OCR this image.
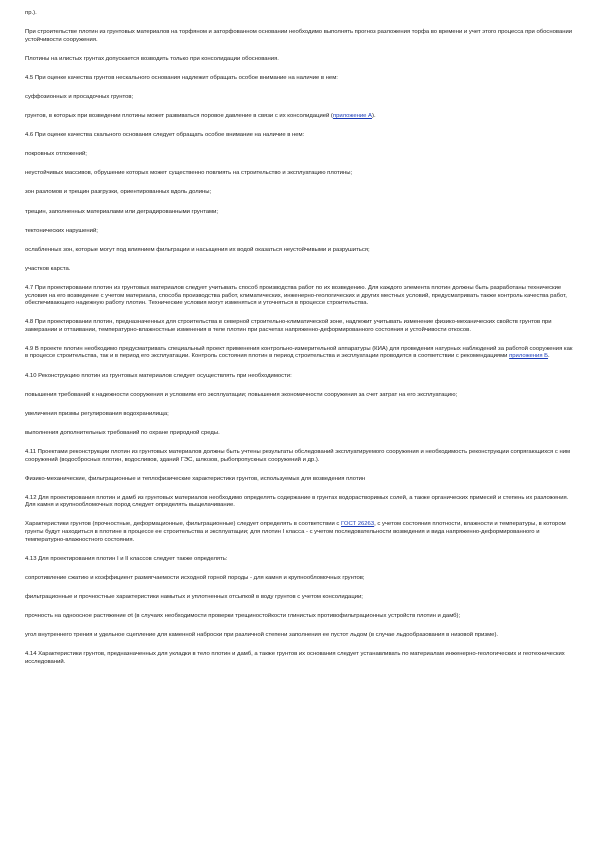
пр.).

При строительстве плотин из грунтовых материалов на торфяном и заторфованном основании необходимо выполнять прогноз разложения торфа во времени и учет этого процесса при обосновании устойчивости сооружения.

Плотины на илистых грунтах допускается возводить только при консолидации обоснования.

4.5 При оценке качества грунтов нескального основания надлежит обращать особое внимание на наличие в нем:

суффозионных и просадочных грунтов;

грунтов, в которых при возведении плотины может развиваться поровое давление в связи с их консолидацией (приложение А).

4.6 При оценке качества скального основания следует обращать особое внимание на наличие в нем:

покровных отложений;

неустойчивых массивов, обрушение которых может существенно повлиять на строительство и эксплуатацию плотины;

зон разломов и трещин разгрузки, ориентированных вдоль долины;

трещин, заполненных материалами или деградированными грунтами;

тектонических нарушений;

ослабленных зон, которые могут под влиянием фильтрации и насыщения их водой оказаться неустойчивыми и разрушиться;

участков карста.

4.7 При проектировании плотин из грунтовых материалов следует учитывать способ производства работ по их возведению. Для каждого элемента плотин должны быть разработаны технические условия на его возведение с учетом материала, способа производства работ, климатических, инженерно-геологических и других местных условий, предусматривать также контроль качества работ, обеспечивающего надежную работу плотин. Технические условия могут изменяться и уточняться в процессе строительства.

4.8 При проектировании плотин, предназначенных для строительства в северной строительно-климатической зоне, надлежит учитывать изменение физико-механических свойств грунтов при замерзании и оттаивании, температурно-влажностные изменения в теле плотин при расчетах напряженно-деформированного состояния и устойчивости откосов.

4.9 В проекте плотин необходимо предусматривать специальный проект применения контрольно-измерительной аппаратуры (КИА) для проведения натурных наблюдений за работой сооружения как в процессе строительства, так и в период его эксплуатации. Контроль состояния плотин в период строительства и эксплуатации проводится в соответствии с рекомендациями приложения Б.

4.10 Реконструкцию плотин из грунтовых материалов следует осуществлять при необходимости:

повышения требований к надежности сооружения и условиям его эксплуатации; повышения экономичности сооружения за счет затрат на его эксплуатацию;

увеличения призмы регулирования водохранилища;

выполнения дополнительных требований по охране природной среды.

4.11 Проектами реконструкции плотин из грунтовых материалов должны быть учтены результаты обследований эксплуатируемого сооружения и необходимость реконструкции сопрягающихся с ним сооружений (водосбросных плотин, водосливов, зданий ГЭС, шлюзов, рыбопропускных сооружений и др.).

Физико-механические, фильтрационные и теплофизические характеристики грунтов, используемых для возведения плотин

4.12 Для проектирования плотин и дамб из грунтовых материалов необходимо определять содержание в грунтах водорастворимых солей, а также органических примесей и степень их разложения. Для камня и крупнообломочных пород следует определять выщелачивание.

Характеристики грунтов (прочностные, деформационные, фильтрационные) следует определять в соответствии с ГОСТ 26263, с учетом состояния плотности, влажности и температуры, в котором грунты будут находиться в плотине в процессе ее строительства и эксплуатации; для плотин I класса - с учетом последовательности возведения и вида напряженно-деформированного и температурно-влажностного состояния.

4.13 Для проектирования плотин I и II классов следует также определять:

сопротивление сжатию и коэффициент размягчаемости исходной горной породы - для камня и крупнообломочных грунтов;

фильтрационные и прочностные характеристики намытых и уплотненных отсыпкой в воду грунтов с учетом консолидации;

прочность на одноосное растяжение σt (в случаях необходимости проверки трещиностойкости глинистых противофильтрационных устройств плотин и дамб);

угол внутреннего трения и удельное сцепление для каменной наброски при различной степени заполнения ее пустот льдом (в случае льдообразования в низовой призме).

4.14 Характеристики грунтов, предназначенных для укладки в тело плотин и дамб, а также грунтов их основания следует устанавливать по материалам инженерно-геологических и геотехнических исследований.
